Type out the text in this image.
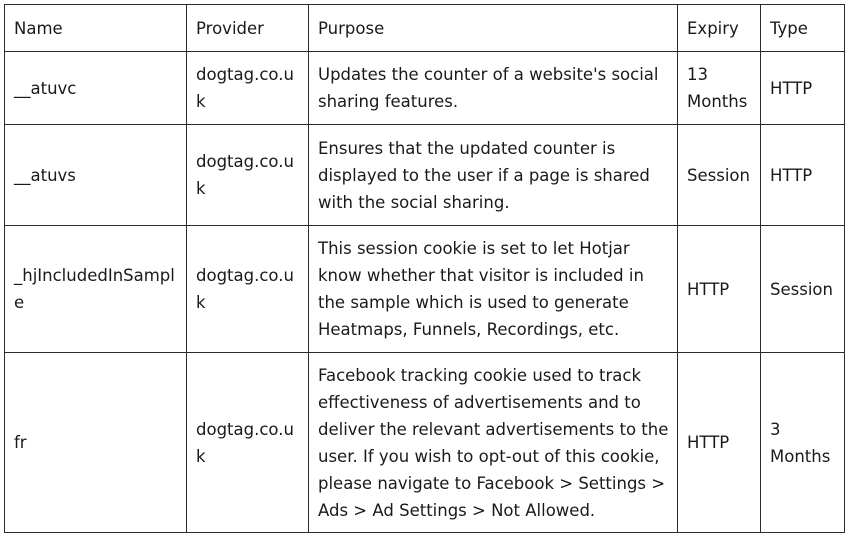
Name	Provider	Purpose	Expiry	Type
__atuvc	dogtag.co.uk	Updates the counter of a website's social sharing features.	13 Months	HTTP
__atuvs	dogtag.co.uk	Ensures that the updated counter is displayed to the user if a page is shared with the social sharing.	Session	HTTP
_hjIncludedInSample	dogtag.co.uk	This session cookie is set to let Hotjar know whether that visitor is included in the sample which is used to generate Heatmaps, Funnels, Recordings, etc.	HTTP	Session
fr	dogtag.co.uk	Facebook tracking cookie used to track effectiveness of advertisements and to deliver the relevant advertisements to the user. If you wish to opt-out of this cookie, please navigate to Facebook > Settings > Ads > Ad Settings > Not Allowed.	HTTP	3 Months
